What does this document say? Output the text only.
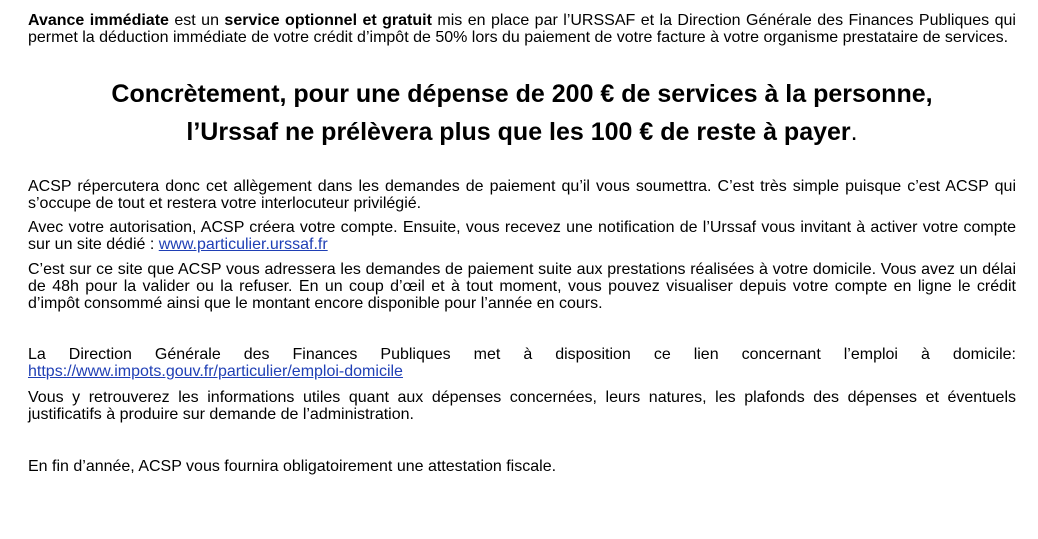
Avance immédiate est un service optionnel et gratuit mis en place par l’URSSAF et la Direction Générale des Finances Publiques qui permet la déduction immédiate de votre crédit d’impôt de 50% lors du paiement de votre facture à votre organisme prestataire de services.

Concrètement, pour une dépense de 200 € de services à la personne,
l’Urssaf ne prélèvera plus que les 100 € de reste à payer.

ACSP répercutera donc cet allègement dans les demandes de paiement qu’il vous soumettra. C’est très simple puisque c’est ACSP qui s’occupe de tout et restera votre interlocuteur privilégié.

Avec votre autorisation, ACSP créera votre compte. Ensuite, vous recevez une notification de l’Urssaf vous invitant à activer votre compte sur un site dédié : www.particulier.urssaf.fr

C’est sur ce site que ACSP vous adressera les demandes de paiement suite aux prestations réalisées à votre domicile. Vous avez un délai de 48h pour la valider ou la refuser. En un coup d’œil et à tout moment, vous pouvez visualiser depuis votre compte en ligne le crédit d’impôt consommé ainsi que le montant encore disponible pour l’année en cours.

La Direction Générale des Finances Publiques met à disposition ce lien concernant l’emploi à domicile: https://www.impots.gouv.fr/particulier/emploi-domicile

Vous y retrouverez les informations utiles quant aux dépenses concernées, leurs natures, les plafonds des dépenses et éventuels justificatifs à produire sur demande de l’administration.

En fin d’année, ACSP vous fournira obligatoirement une attestation fiscale.
